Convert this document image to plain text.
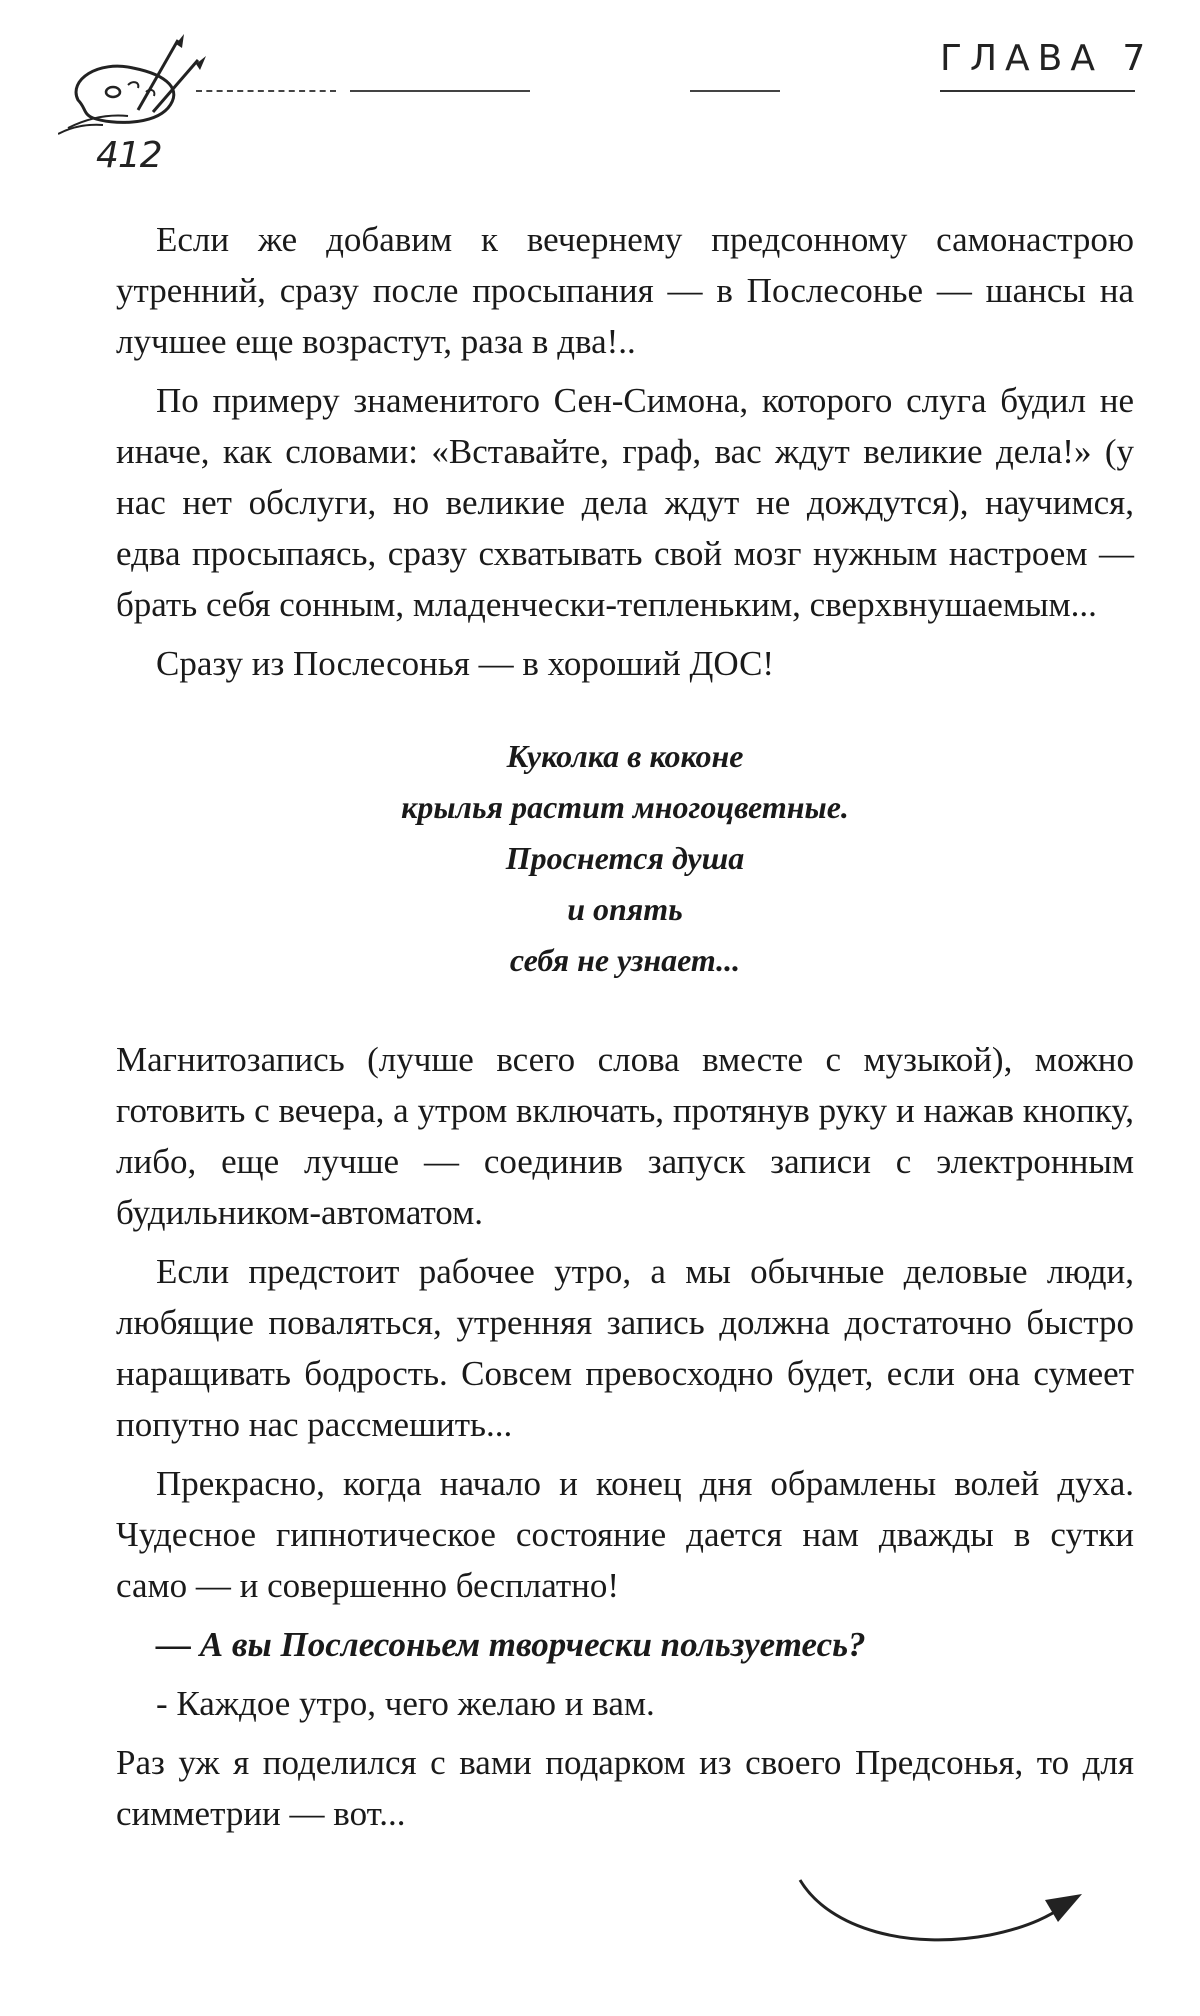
412
ГЛАВА 7

Если же добавим к вечернему предсонному самонастрою утренний, сразу после просыпания — в Послесонье — шансы на лучшее еще возрастут, раза в два!..

По примеру знаменитого Сен-Симона, которого слуга будил не иначе, как словами: «Вставайте, граф, вас ждут великие дела!» (у нас нет обслуги, но великие дела ждут не дождутся), научимся, едва просыпаясь, сразу схватывать свой мозг нужным настроем — брать себя сонным, младенчески-тепленьким, сверхвнушаемым...

Сразу из Послесонья — в хороший ДОС!

Куколка в коконе
крылья растит многоцветные.
Проснется душа
и опять
себя не узнает...

Магнитозапись (лучше всего слова вместе с музыкой), можно готовить с вечера, а утром включать, протянув руку и нажав кнопку, либо, еще лучше — соединив запуск записи с электронным будильником-автоматом.

Если предстоит рабочее утро, а мы обычные деловые люди, любящие поваляться, утренняя запись должна достаточно быстро наращивать бодрость. Совсем превосходно будет, если она сумеет попутно нас рассмешить...

Прекрасно, когда начало и конец дня обрамлены волей духа. Чудесное гипнотическое состояние дается нам дважды в сутки само — и совершенно бесплатно!

— А вы Послесоньем творчески пользуетесь?

- Каждое утро, чего желаю и вам.

Раз уж я поделился с вами подарком из своего Предсонья, то для симметрии — вот...
